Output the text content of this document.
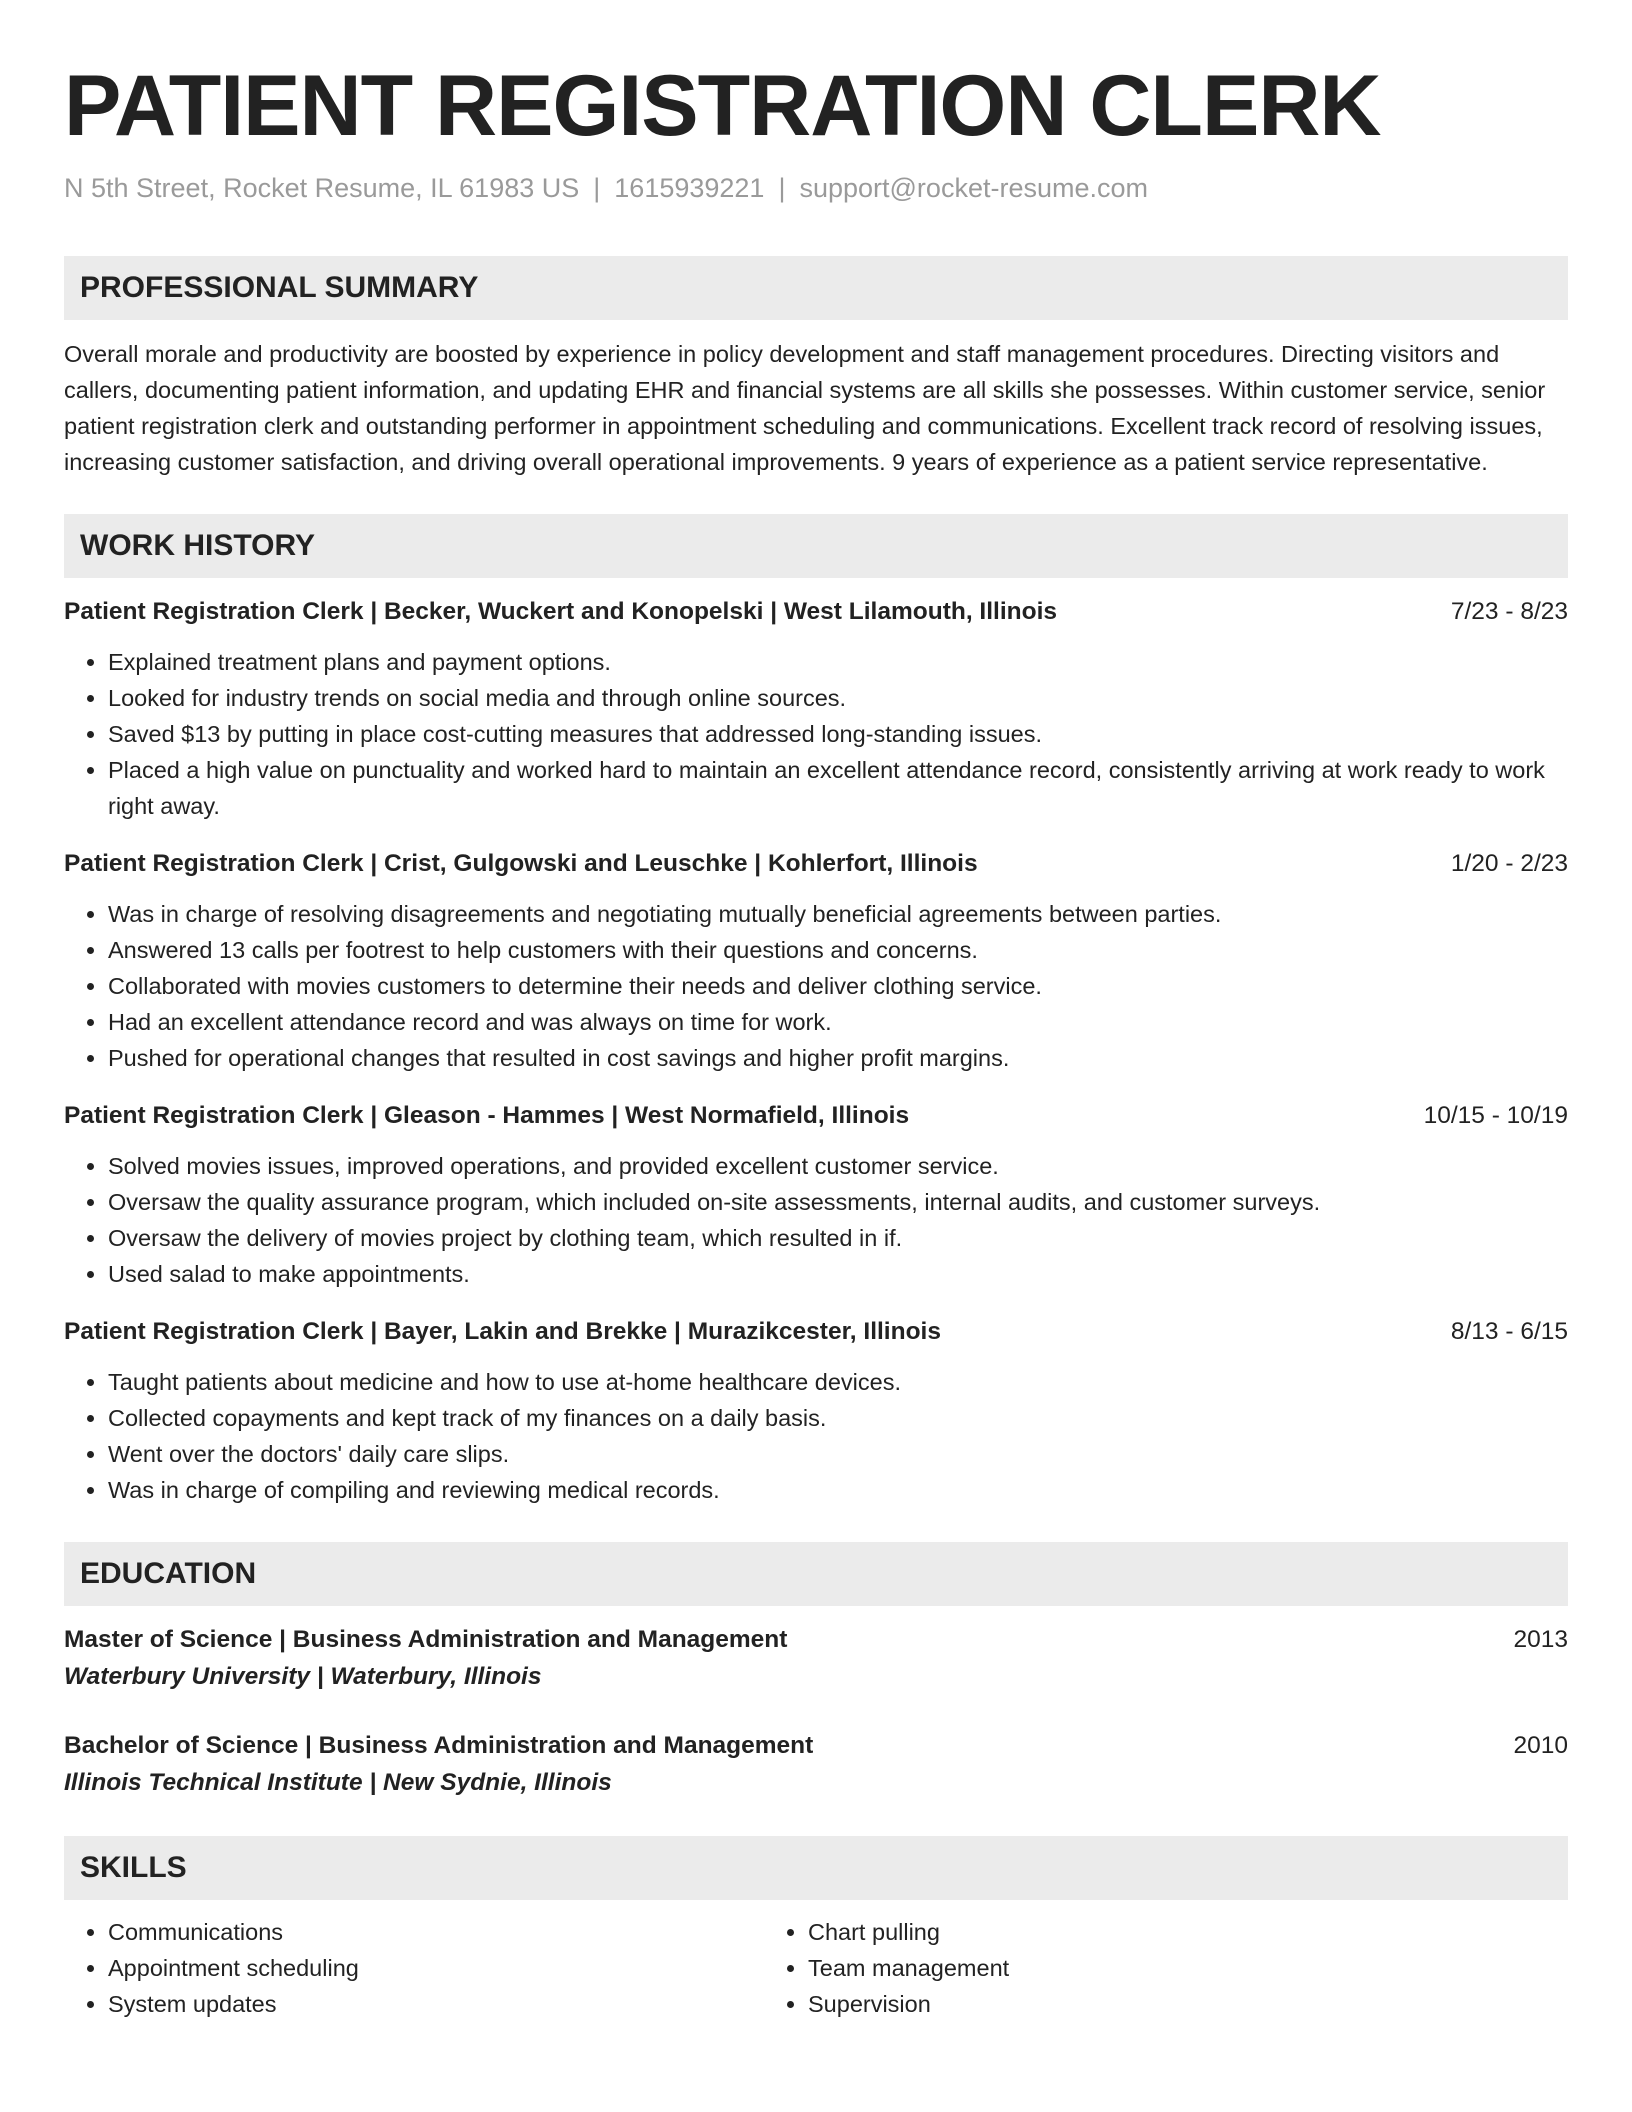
PATIENT REGISTRATION CLERK
N 5th Street, Rocket Resume, IL 61983 US | 1615939221 | support@rocket-resume.com
PROFESSIONAL SUMMARY
Overall morale and productivity are boosted by experience in policy development and staff management procedures. Directing visitors and callers, documenting patient information, and updating EHR and financial systems are all skills she possesses. Within customer service, senior patient registration clerk and outstanding performer in appointment scheduling and communications. Excellent track record of resolving issues, increasing customer satisfaction, and driving overall operational improvements. 9 years of experience as a patient service representative.
WORK HISTORY
Patient Registration Clerk | Becker, Wuckert and Konopelski | West Lilamouth, Illinois	7/23 - 8/23
• Explained treatment plans and payment options.
• Looked for industry trends on social media and through online sources.
• Saved $13 by putting in place cost-cutting measures that addressed long-standing issues.
• Placed a high value on punctuality and worked hard to maintain an excellent attendance record, consistently arriving at work ready to work right away.
Patient Registration Clerk | Crist, Gulgowski and Leuschke | Kohlerfort, Illinois	1/20 - 2/23
• Was in charge of resolving disagreements and negotiating mutually beneficial agreements between parties.
• Answered 13 calls per footrest to help customers with their questions and concerns.
• Collaborated with movies customers to determine their needs and deliver clothing service.
• Had an excellent attendance record and was always on time for work.
• Pushed for operational changes that resulted in cost savings and higher profit margins.
Patient Registration Clerk | Gleason - Hammes | West Normafield, Illinois	10/15 - 10/19
• Solved movies issues, improved operations, and provided excellent customer service.
• Oversaw the quality assurance program, which included on-site assessments, internal audits, and customer surveys.
• Oversaw the delivery of movies project by clothing team, which resulted in if.
• Used salad to make appointments.
Patient Registration Clerk | Bayer, Lakin and Brekke | Murazikcester, Illinois	8/13 - 6/15
• Taught patients about medicine and how to use at-home healthcare devices.
• Collected copayments and kept track of my finances on a daily basis.
• Went over the doctors' daily care slips.
• Was in charge of compiling and reviewing medical records.
EDUCATION
Master of Science | Business Administration and Management	2013
Waterbury University | Waterbury, Illinois
Bachelor of Science | Business Administration and Management	2010
Illinois Technical Institute | New Sydnie, Illinois
SKILLS
• Communications
• Appointment scheduling
• System updates
• Chart pulling
• Team management
• Supervision
